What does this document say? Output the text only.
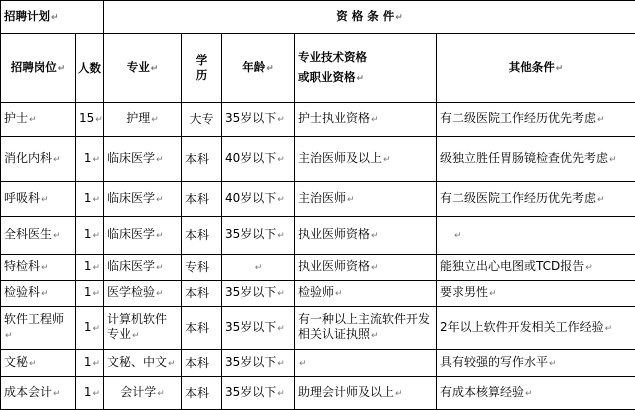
招聘计划↵		资 格 条 件↵				
招聘岗位↵	人数	专业↵	学历	年龄↵	专业技术资格
或职业资格↵	其他条件↵
护士↵	15↵	护理↵	大专	35岁以下↵	护士执业资格↵	有二级医院工作经历优先考虑↵
消化内科↵	1↵	临床医学↵	本科	40岁以下↵	主治医师及以上↵	级独立胜任胃肠镜检查优先考虑↵
呼吸科↵	1↵	临床医学↵	本科	40岁以下↵	主治医师↵	有二级医院工作经历优先考虑↵
全科医生↵	1↵	临床医学↵	本科	35岁以下↵	执业医师资格↵	↵
特检科↵	1↵	临床医学↵	专科	↵	执业医师资格↵	能独立出心电图或TCD报告↵
检验科↵	1↵	医学检验↵	本科	35岁以下↵	检验师↵	要求男性↵
软件工程师↵	1↵	计算机软件专业↵	本科	35岁以下↵	有一种以上主流软件开发相关认证执照↵	2年以上软件开发相关工作经验↵
文秘↵	1↵	文秘、中文↵	本科	35岁以下↵	↵	具有较强的写作水平↵
成本会计↵	1↵	会计学↵	本科	35岁以下↵	助理会计师及以上↵	有成本核算经验↵
